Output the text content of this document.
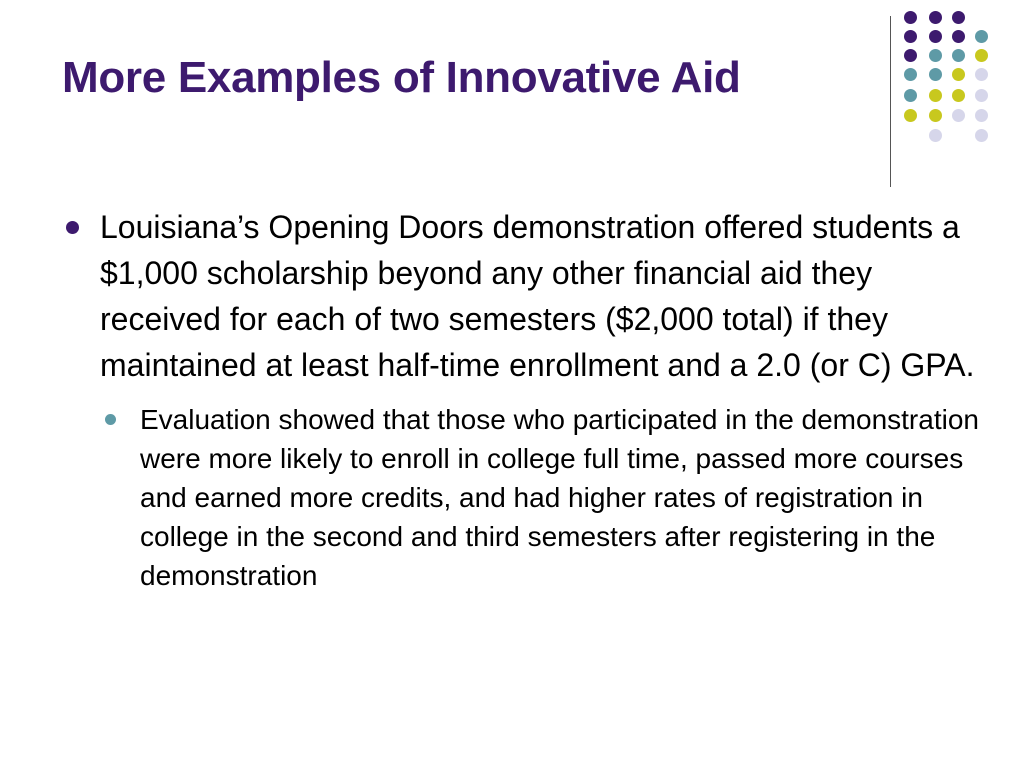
More Examples of Innovative Aid
Louisiana’s Opening Doors demonstration offered students a $1,000 scholarship beyond any other financial aid they received for each of two semesters ($2,000 total) if they maintained at least half-time enrollment and a 2.0 (or C) GPA.
Evaluation showed that those who participated in the demonstration were more likely to enroll in college full time, passed more courses and earned more credits, and had higher rates of registration in college in the second and third semesters after registering in the demonstration
